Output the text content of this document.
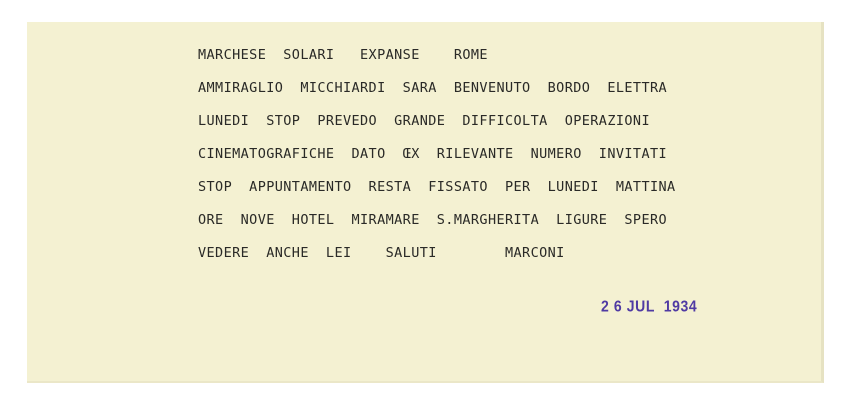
MARCHESE  SOLARI   EXPANSE    ROME

AMMIRAGLIO  MICCHIARDI  SARA  BENVENUTO  BORDO  ELETTRA

LUNEDI  STOP  PREVEDO  GRANDE  DIFFICOLTA  OPERAZIONI

CINEMATOGRAFICHE  DATO  ŒX  RILEVANTE  NUMERO  INVITATI

STOP  APPUNTAMENTO  RESTA  FISSATO  PER  LUNEDI  MATTINA

ORE  NOVE  HOTEL  MIRAMARE  S.MARGHERITA  LIGURE  SPERO

VEDERE  ANCHE  LEI    SALUTI        MARCONI

2 6 JUL  1934
